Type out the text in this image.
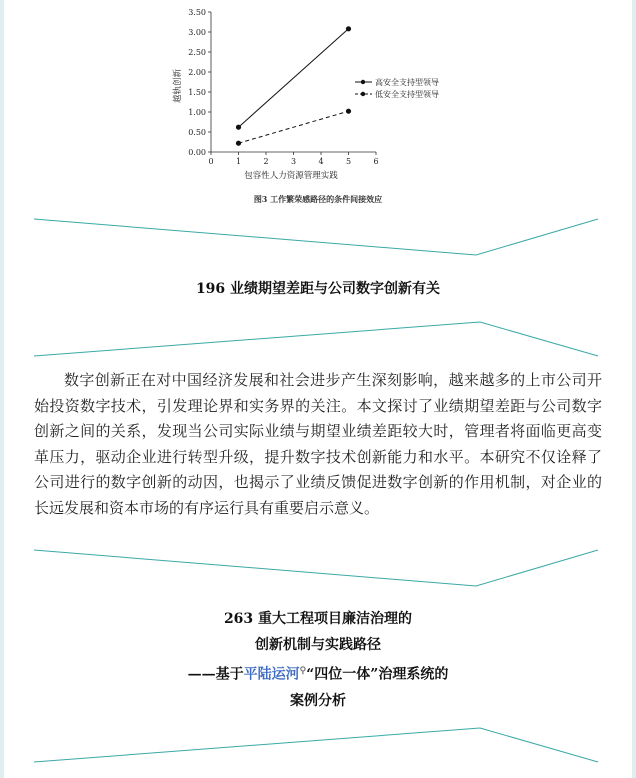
0.00
0.50
1.00
1.50
2.00
2.50
3.00
3.50
0	1	2	3	4	5	6
高安全支持型领导
低安全支持型领导
越轨创新
包容性人力资源管理实践
图3 工作繁荣感路径的条件间接效应
196 业绩期望差距与公司数字创新有关

数字创新正在对中国经济发展和社会进步产生深刻影响，越来越多的上市公司开始投资数字技术，引发理论界和实务界的关注。本文探讨了业绩期望差距与公司数字创新之间的关系，发现当公司实际业绩与期望业绩差距较大时，管理者将面临更高变革压力，驱动企业进行转型升级，提升数字技术创新能力和水平。本研究不仅诠释了公司进行的数字创新的动因，也揭示了业绩反馈促进数字创新的作用机制，对企业的长远发展和资本市场的有序运行具有重要启示意义。

263 重大工程项目廉洁治理的
创新机制与实践路径
——基于平陆运河⚲“四位一体”治理系统的
案例分析
